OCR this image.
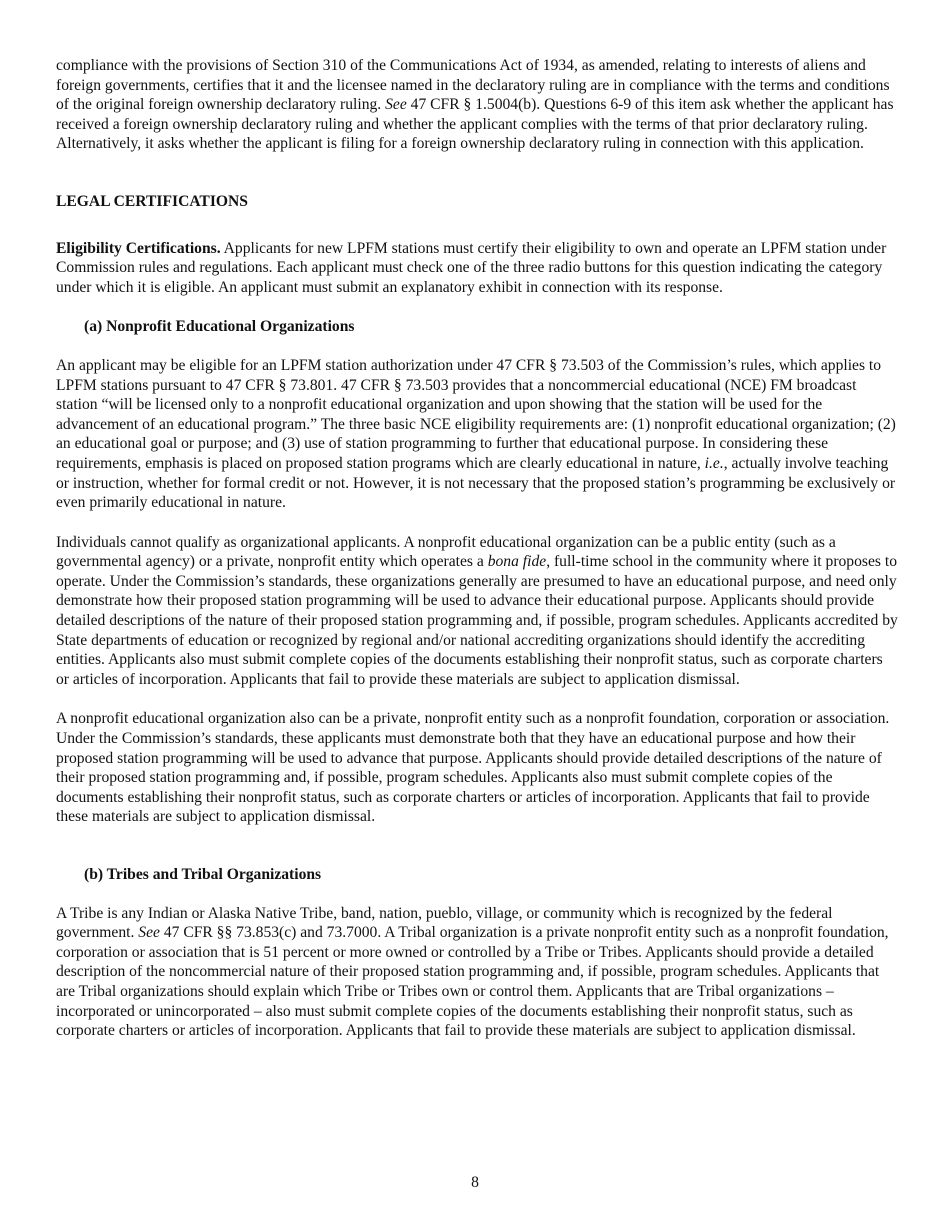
compliance with the provisions of Section 310 of the Communications Act of 1934, as amended, relating to interests of aliens and foreign governments, certifies that it and the licensee named in the declaratory ruling are in compliance with the terms and conditions of the original foreign ownership declaratory ruling. See 47 CFR § 1.5004(b). Questions 6-9 of this item ask whether the applicant has received a foreign ownership declaratory ruling and whether the applicant complies with the terms of that prior declaratory ruling. Alternatively, it asks whether the applicant is filing for a foreign ownership declaratory ruling in connection with this application.

LEGAL CERTIFICATIONS

Eligibility Certifications. Applicants for new LPFM stations must certify their eligibility to own and operate an LPFM station under Commission rules and regulations. Each applicant must check one of the three radio buttons for this question indicating the category under which it is eligible. An applicant must submit an explanatory exhibit in connection with its response.

(a) Nonprofit Educational Organizations

An applicant may be eligible for an LPFM station authorization under 47 CFR § 73.503 of the Commission’s rules, which applies to LPFM stations pursuant to 47 CFR § 73.801. 47 CFR § 73.503 provides that a noncommercial educational (NCE) FM broadcast station “will be licensed only to a nonprofit educational organization and upon showing that the station will be used for the advancement of an educational program.” The three basic NCE eligibility requirements are: (1) nonprofit educational organization; (2) an educational goal or purpose; and (3) use of station programming to further that educational purpose. In considering these requirements, emphasis is placed on proposed station programs which are clearly educational in nature, i.e., actually involve teaching or instruction, whether for formal credit or not. However, it is not necessary that the proposed station’s programming be exclusively or even primarily educational in nature.

Individuals cannot qualify as organizational applicants. A nonprofit educational organization can be a public entity (such as a governmental agency) or a private, nonprofit entity which operates a bona fide, full-time school in the community where it proposes to operate. Under the Commission’s standards, these organizations generally are presumed to have an educational purpose, and need only demonstrate how their proposed station programming will be used to advance their educational purpose. Applicants should provide detailed descriptions of the nature of their proposed station programming and, if possible, program schedules. Applicants accredited by State departments of education or recognized by regional and/or national accrediting organizations should identify the accrediting entities. Applicants also must submit complete copies of the documents establishing their nonprofit status, such as corporate charters or articles of incorporation. Applicants that fail to provide these materials are subject to application dismissal.

A nonprofit educational organization also can be a private, nonprofit entity such as a nonprofit foundation, corporation or association. Under the Commission’s standards, these applicants must demonstrate both that they have an educational purpose and how their proposed station programming will be used to advance that purpose. Applicants should provide detailed descriptions of the nature of their proposed station programming and, if possible, program schedules. Applicants also must submit complete copies of the documents establishing their nonprofit status, such as corporate charters or articles of incorporation. Applicants that fail to provide these materials are subject to application dismissal.

(b) Tribes and Tribal Organizations

A Tribe is any Indian or Alaska Native Tribe, band, nation, pueblo, village, or community which is recognized by the federal government. See 47 CFR §§ 73.853(c) and 73.7000. A Tribal organization is a private nonprofit entity such as a nonprofit foundation, corporation or association that is 51 percent or more owned or controlled by a Tribe or Tribes. Applicants should provide a detailed description of the noncommercial nature of their proposed station programming and, if possible, program schedules. Applicants that are Tribal organizations should explain which Tribe or Tribes own or control them. Applicants that are Tribal organizations – incorporated or unincorporated – also must submit complete copies of the documents establishing their nonprofit status, such as corporate charters or articles of incorporation. Applicants that fail to provide these materials are subject to application dismissal.

8
